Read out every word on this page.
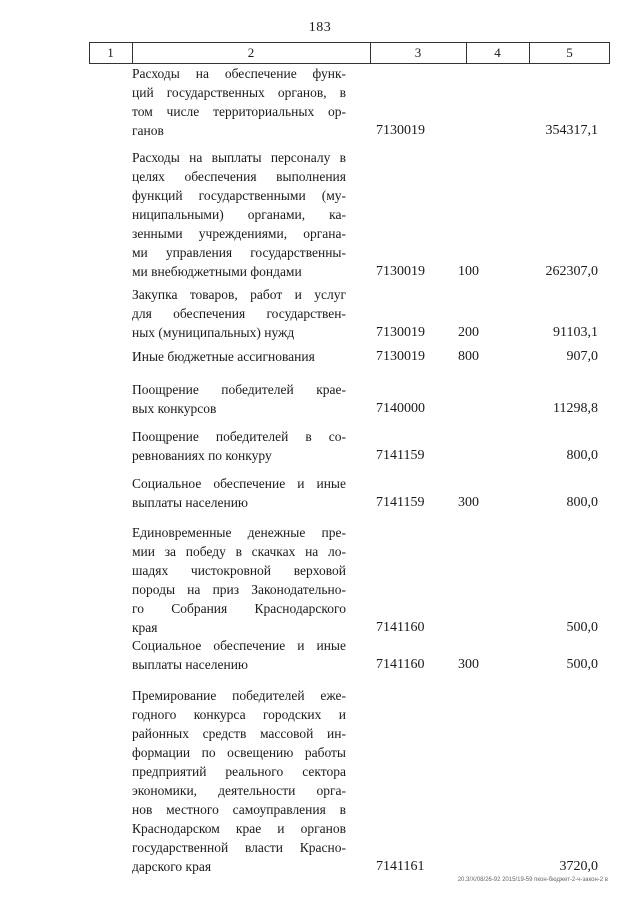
183
1	2	3	4	5
Расходы на обеспечение функ-
ций государственных органов, в
том числе территориальных ор-
ганов	7130019	354317,1
Расходы на выплаты персоналу в
целях обеспечения выполнения
функций государственными (му-
ниципальными) органами, ка-
зенными учреждениями, органа-
ми управления государственны-
ми внебюджетными фондами	7130019 100	262307,0
Закупка товаров, работ и услуг
для обеспечения государствен-
ных (муниципальных) нужд	7130019 200	91103,1
Иные бюджетные ассигнования	7130019 800	907,0
Поощрение победителей крае-
вых конкурсов	7140000	11298,8
Поощрение победителей в со-
ревнованиях по конкуру	7141159	800,0
Социальное обеспечение и иные
выплаты населению	7141159 300	800,0
Единовременные денежные пре-
мии за победу в скачках на ло-
шадях чистокровной верховой
породы на приз Законодательно-
го Собрания Краснодарского
края	7141160	500,0
Социальное обеспечение и иные
выплаты населению	7141160 300	500,0
Премирование победителей еже-
годного конкурса городских и
районных средств массовой ин-
формации по освещению работы
предприятий реального сектора
экономики, деятельности орга-
нов местного самоуправления в
Краснодарском крае и органов
государственной власти Красно-
дарского края	7141161	3720,0
20.3/X/08/26-92 2015/19-59 пкон-бюджет-2-ч-закон-2 в
